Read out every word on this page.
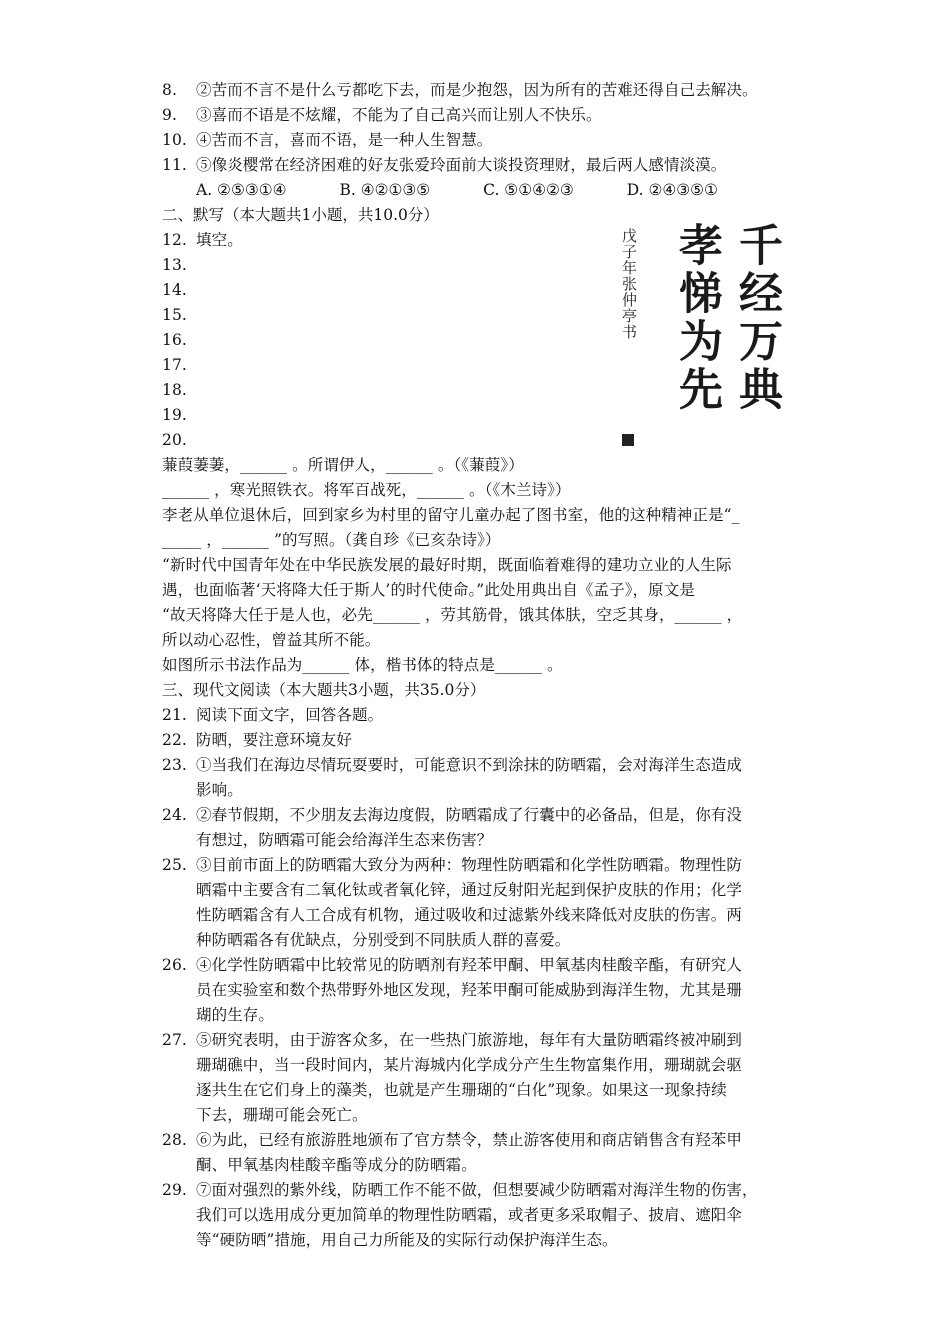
8.	②苦而不言不是什么亏都吃下去，而是少抱怨，因为所有的苦难还得自己去解决。
9.	③喜而不语是不炫耀，不能为了自己高兴而让别人不快乐。
10. ④苦而不言，喜而不语，是一种人生智慧。
11. ⑤像炎樱常在经济困难的好友张爱玲面前大谈投资理财，最后两人感情淡漠。
A. ②⑤③①④	B. ④②①③⑤	C. ⑤①④②③	D. ②④③⑤①
二、默写（本大题共1小题，共10.0分）
12. 填空。
13.
14.
15.
16.
17.
18.
19.
20.
千经万典
孝悌为先
戊子年张仲亭书
蒹葭萋萋，______ 。所谓伊人，______ 。（《蒹葭》）
______ ，寒光照铁衣。将军百战死，______ 。（《木兰诗》）
李老从单位退休后，回到家乡为村里的留守儿童办起了图书室，他的这种精神正是“_
_____ ，______ ”的写照。（龚自珍《已亥杂诗》）
“新时代中国青年处在中华民族发展的最好时期，既面临着难得的建功立业的人生际
遇，也面临著‘天将降大任于斯人’的时代使命。”此处用典出自《孟子》，原文是
“故天将降大任于是人也，必先______ ，劳其筋骨，饿其体肤，空乏其身，______ ，
所以动心忍性，曾益其所不能。
如图所示书法作品为______ 体，楷书体的特点是______ 。
三、现代文阅读（本大题共3小题，共35.0分）
21. 阅读下面文字，回答各题。
22. 防晒，要注意环境友好
23. ①当我们在海边尽情玩耍要时，可能意识不到涂抹的防晒霜，会对海洋生态造成
影响。
24. ②春节假期，不少朋友去海边度假，防晒霜成了行囊中的必备品，但是，你有没
有想过，防晒霜可能会给海洋生态来伤害？
25. ③目前市面上的防晒霜大致分为两种：物理性防晒霜和化学性防晒霜。物理性防
晒霜中主要含有二氧化钛或者氧化锌，通过反射阳光起到保护皮肤的作用；化学
性防晒霜含有人工合成有机物，通过吸收和过滤紫外线来降低对皮肤的伤害。两
种防晒霜各有优缺点，分别受到不同肤质人群的喜爱。
26. ④化学性防晒霜中比较常见的防晒剂有羟苯甲酮、甲氧基肉桂酸辛酯，有研究人
员在实验室和数个热带野外地区发现，羟苯甲酮可能威胁到海洋生物，尤其是珊
瑚的生存。
27. ⑤研究表明，由于游客众多，在一些热门旅游地，每年有大量防晒霜终被冲刷到
珊瑚礁中，当一段时间内，某片海城内化学成分产生生物富集作用，珊瑚就会驱
逐共生在它们身上的藻类，也就是产生珊瑚的“白化”现象。如果这一现象持续
下去，珊瑚可能会死亡。
28. ⑥为此，已经有旅游胜地颁布了官方禁令，禁止游客使用和商店销售含有羟苯甲
酮、甲氧基肉桂酸辛酯等成分的防晒霜。
29. ⑦面对强烈的紫外线，防晒工作不能不做，但想要减少防晒霜对海洋生物的伤害，
我们可以选用成分更加简单的物理性防晒霜，或者更多采取帽子、披肩、遮阳伞
等“硬防晒”措施，用自己力所能及的实际行动保护海洋生态。
